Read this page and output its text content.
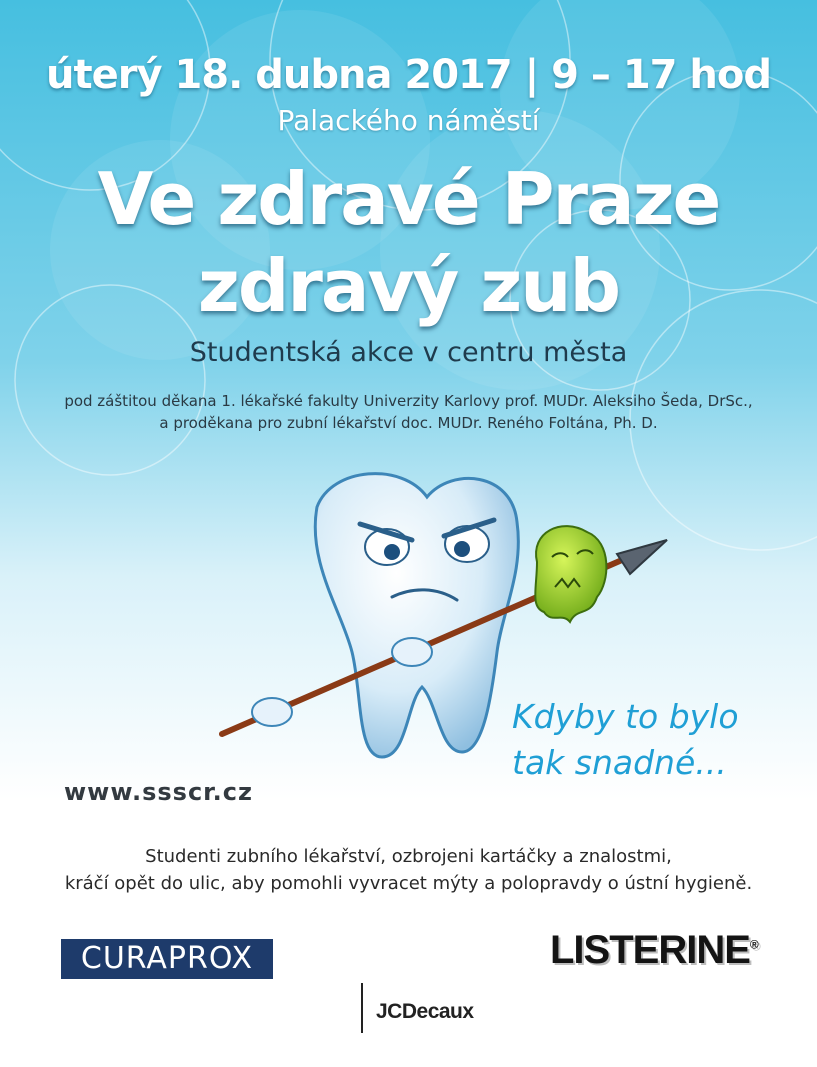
úterý 18. dubna 2017 | 9 – 17 hod

Palackého náměstí

Ve zdravé Praze

zdravý zub

Studentská akce v centru města

pod záštitou děkana 1. lékařské fakulty Univerzity Karlovy prof. MUDr. Aleksiho Šeda, DrSc.,

a proděkana pro zubní lékařství doc. MUDr. Reného Foltána, Ph. D.

Kdyby to bylo

tak snadné...

www.ssscr.cz

Studenti zubního lékařství, ozbrojeni kartáčky a znalostmi,

kráčí opět do ulic, aby pomohli vyvracet mýty a polopravdy o ústní hygieně.

CURAPROX	LISTERINE®

JCDecaux
